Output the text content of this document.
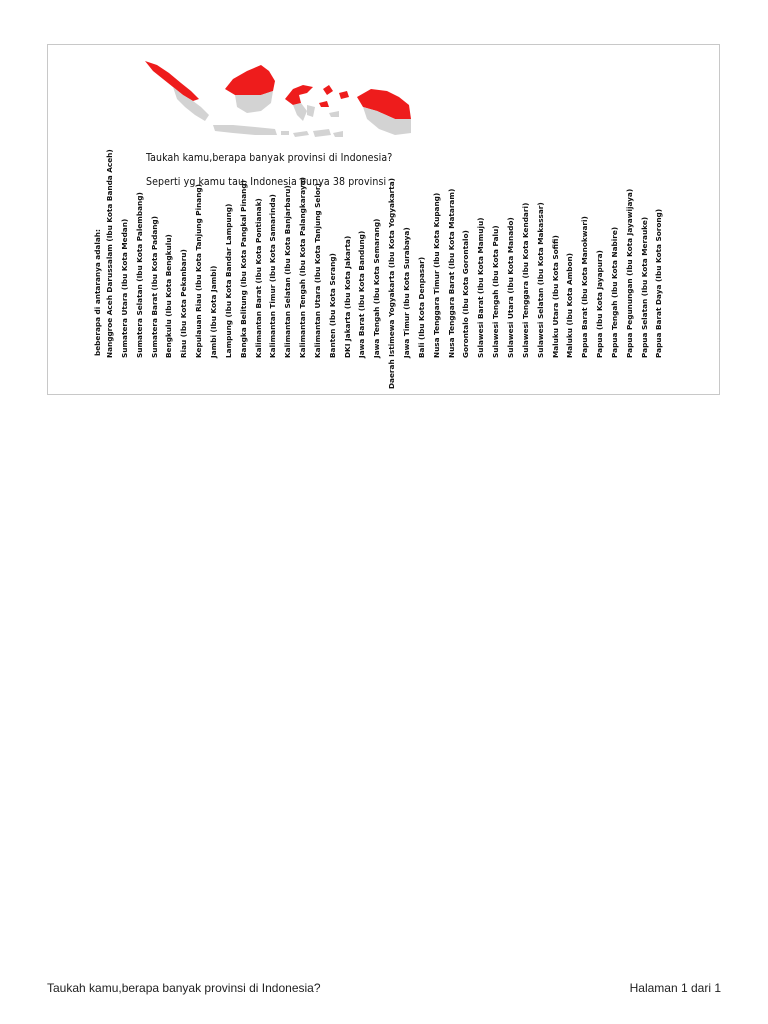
Taukah kamu,berapa banyak provinsi di Indonesia?
Seperti yg kamu tau, Indonesia punya 38 provinsi
beberapa di antaranya adalah: Nanggroe Aceh Darussalam (Ibu Kota Banda Aceh) Sumatera Utara (Ibu Kota Medan) Sumatera Selatan (Ibu Kota Palembang) Sumatera Barat (Ibu Kota Padang) Bengkulu (Ibu Kota Bengkulu) Riau (Ibu Kota Pekanbaru) Kepulauan Riau (Ibu Kota Tanjung Pinang) Jambi (Ibu Kota Jambi) Lampung (Ibu Kota Bandar Lampung) Bangka Belitung (Ibu Kota Pangkal Pinang) Kalimantan Barat (Ibu Kota Pontianak) Kalimantan Timur (Ibu Kota Samarinda) Kalimantan Selatan (Ibu Kota Banjarbaru) Kalimantan Tengah (Ibu Kota Palangkaraya) Kalimantan Utara (Ibu Kota Tanjung Selor) Banten (Ibu Kota Serang) DKI Jakarta (Ibu Kota Jakarta) Jawa Barat (Ibu Kota Bandung) Jawa Tengah (Ibu Kota Semarang) Daerah Istimewa Yogyakarta (Ibu Kota Yogyakarta) Jawa Timur (Ibu Kota Surabaya) Bali (Ibu Kota Denpasar) Nusa Tenggara Timur (Ibu Kota Kupang) Nusa Tenggara Barat (Ibu Kota Mataram) Gorontalo (Ibu Kota Gorontalo) Sulawesi Barat (Ibu Kota Mamuju) Sulawesi Tengah (Ibu Kota Palu) Sulawesi Utara (Ibu Kota Manado) Sulawesi Tenggara (Ibu Kota Kendari) Sulawesi Selatan (Ibu Kota Makassar) Maluku Utara (Ibu Kota Sofifi) Maluku (Ibu Kota Ambon) Papua Barat (Ibu Kota Manokwari) Papua (Ibu Kota Jayapura) Papua Tengah (Ibu Kota Nabire) Papua Pegunungan (Ibu Kota Jayawijaya) Papua Selatan (Ibu Kota Merauke) Papua Barat Daya (Ibu Kota Sorong)
Taukah kamu,berapa banyak provinsi di Indonesia?	Halaman 1 dari 1
